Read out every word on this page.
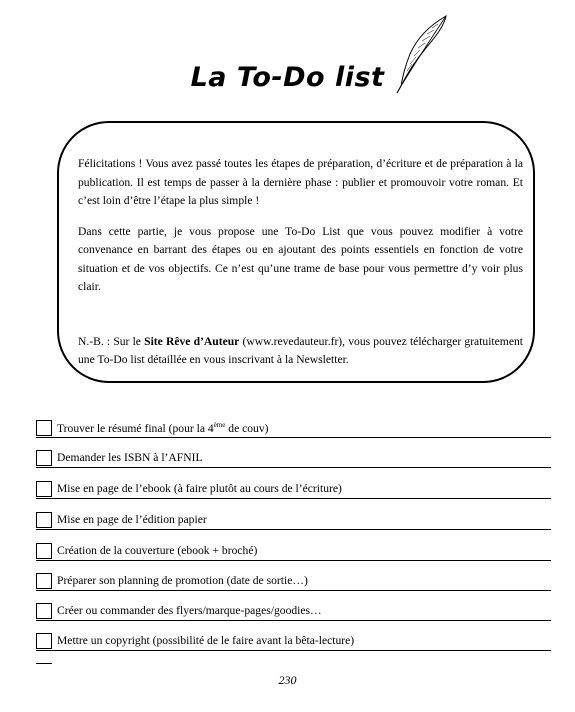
La To-Do list

Félicitations ! Vous avez passé toutes les étapes de préparation, d’écriture et de préparation à la publication. Il est temps de passer à la dernière phase : publier et promouvoir votre roman. Et c’est loin d’être l’étape la plus simple !

Dans cette partie, je vous propose une To-Do List que vous pouvez modifier à votre convenance en barrant des étapes ou en ajoutant des points essentiels en fonction de votre situation et de vos objectifs. Ce n’est qu’une trame de base pour vous permettre d’y voir plus clair.

N.-B. : Sur le Site Rêve d’Auteur (www.revedauteur.fr), vous pouvez télécharger gratuitement une To-Do list détaillée en vous inscrivant à la Newsletter.

Trouver le résumé final (pour la 4ème de couv)
Demander les ISBN à l’AFNIL
Mise en page de l’ebook (à faire plutôt au cours de l’écriture)
Mise en page de l’édition papier
Création de la couverture (ebook + broché)
Préparer son planning de promotion (date de sortie…)
Créer ou commander des flyers/marque-pages/goodies…
Mettre un copyright (possibilité de le faire avant la bêta-lecture)
230
